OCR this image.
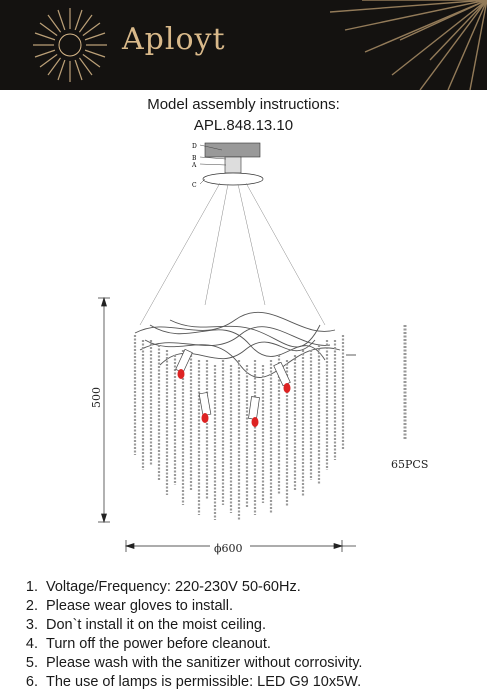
Aployt
Model assembly instructions:
APL.848.13.10
D
B
A
C
ϕ600
500
65PCS
1. Voltage/Frequency: 220-230V 50-60Hz.
2. Please wear gloves to install.
3. Don`t install it on the moist ceiling.
4. Turn off the power before cleanout.
5. Please wash with the sanitizer without corrosivity.
6. The use of lamps is permissible: LED G9 10x5W.
